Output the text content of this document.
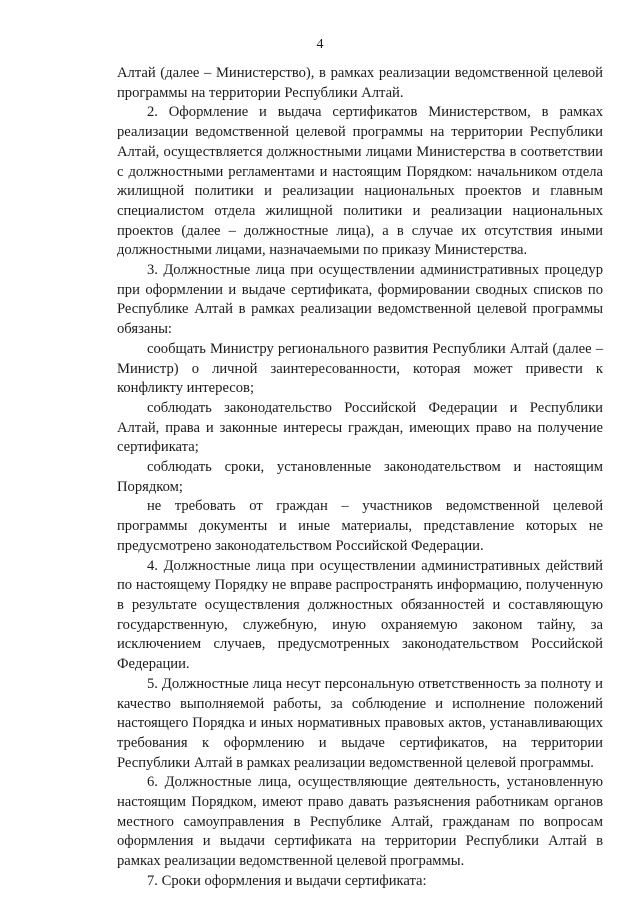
4

Алтай (далее – Министерство), в рамках реализации ведомственной целевой программы на территории Республики Алтай.

2. Оформление и выдача сертификатов Министерством, в рамках реализации ведомственной целевой программы на территории Республики Алтай, осуществляется должностными лицами Министерства в соответствии с должностными регламентами и настоящим Порядком: начальником отдела жилищной политики и реализации национальных проектов и главным специалистом отдела жилищной политики и реализации национальных проектов (далее – должностные лица), а в случае их отсутствия иными должностными лицами, назначаемыми по приказу Министерства.

3. Должностные лица при осуществлении административных процедур при оформлении и выдаче сертификата, формировании сводных списков по Республике Алтай в рамках реализации ведомственной целевой программы обязаны:

сообщать Министру регионального развития Республики Алтай (далее – Министр) о личной заинтересованности, которая может привести к конфликту интересов;

соблюдать законодательство Российской Федерации и Республики Алтай, права и законные интересы граждан, имеющих право на получение сертификата;

соблюдать сроки, установленные законодательством и настоящим Порядком;

не требовать от граждан – участников ведомственной целевой программы документы и иные материалы, представление которых не предусмотрено законодательством Российской Федерации.

4. Должностные лица при осуществлении административных действий по настоящему Порядку не вправе распространять информацию, полученную в результате осуществления должностных обязанностей и составляющую государственную, служебную, иную охраняемую законом тайну, за исключением случаев, предусмотренных законодательством Российской Федерации.

5. Должностные лица несут персональную ответственность за полноту и качество выполняемой работы, за соблюдение и исполнение положений настоящего Порядка и иных нормативных правовых актов, устанавливающих требования к оформлению и выдаче сертификатов, на территории Республики Алтай в рамках реализации ведомственной целевой программы.

6. Должностные лица, осуществляющие деятельность, установленную настоящим Порядком, имеют право давать разъяснения работникам органов местного самоуправления в Республике Алтай, гражданам по вопросам оформления и выдачи сертификата на территории Республики Алтай в рамках реализации ведомственной целевой программы.

7. Сроки оформления и выдачи сертификата:
